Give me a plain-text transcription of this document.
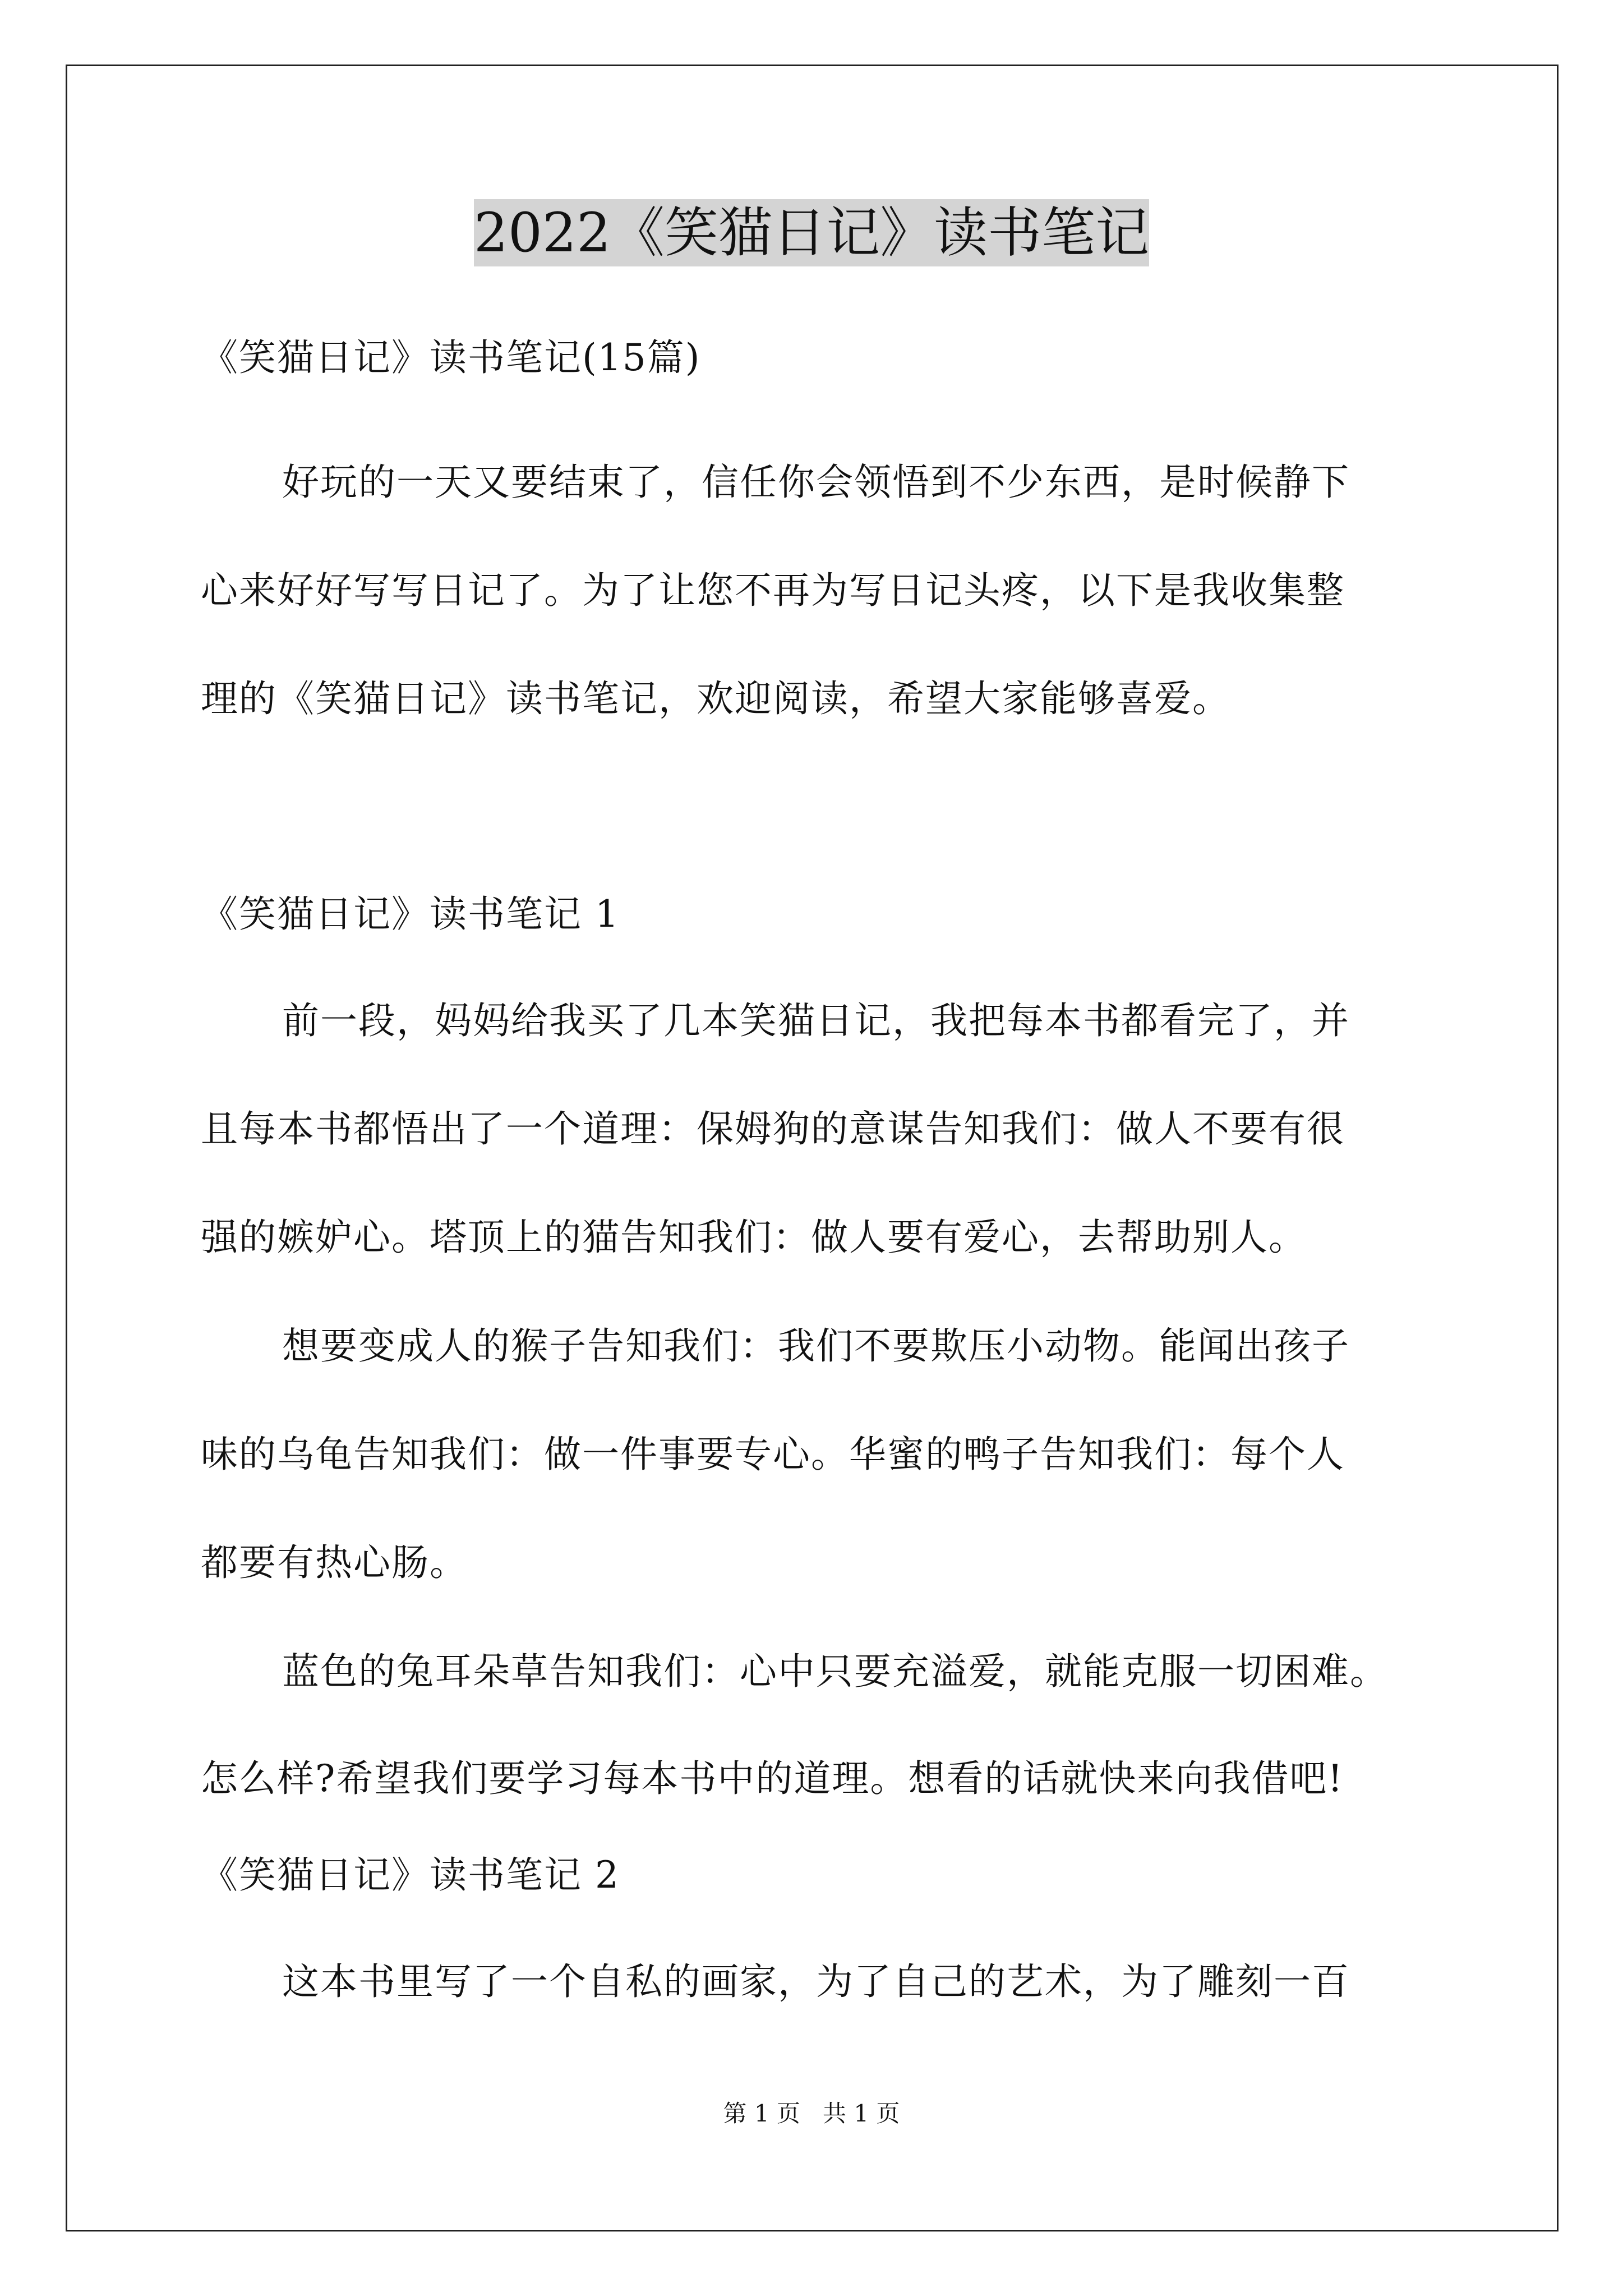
2022《笑猫日记》读书笔记
《笑猫日记》读书笔记(15篇)
好玩的一天又要结束了，信任你会领悟到不少东西，是时候静下
心来好好写写日记了。为了让您不再为写日记头疼，以下是我收集整
理的《笑猫日记》读书笔记，欢迎阅读，希望大家能够喜爱。
《笑猫日记》读书笔记 1
前一段，妈妈给我买了几本笑猫日记，我把每本书都看完了，并
且每本书都悟出了一个道理：保姆狗的意谋告知我们：做人不要有很
强的嫉妒心。塔顶上的猫告知我们：做人要有爱心，去帮助别人。
想要变成人的猴子告知我们：我们不要欺压小动物。能闻出孩子
味的乌龟告知我们：做一件事要专心。华蜜的鸭子告知我们：每个人
都要有热心肠。
蓝色的兔耳朵草告知我们：心中只要充溢爱，就能克服一切困难。
怎么样?希望我们要学习每本书中的道理。想看的话就快来向我借吧!
《笑猫日记》读书笔记 2
这本书里写了一个自私的画家，为了自己的艺术，为了雕刻一百
第 1 页   共 1 页
